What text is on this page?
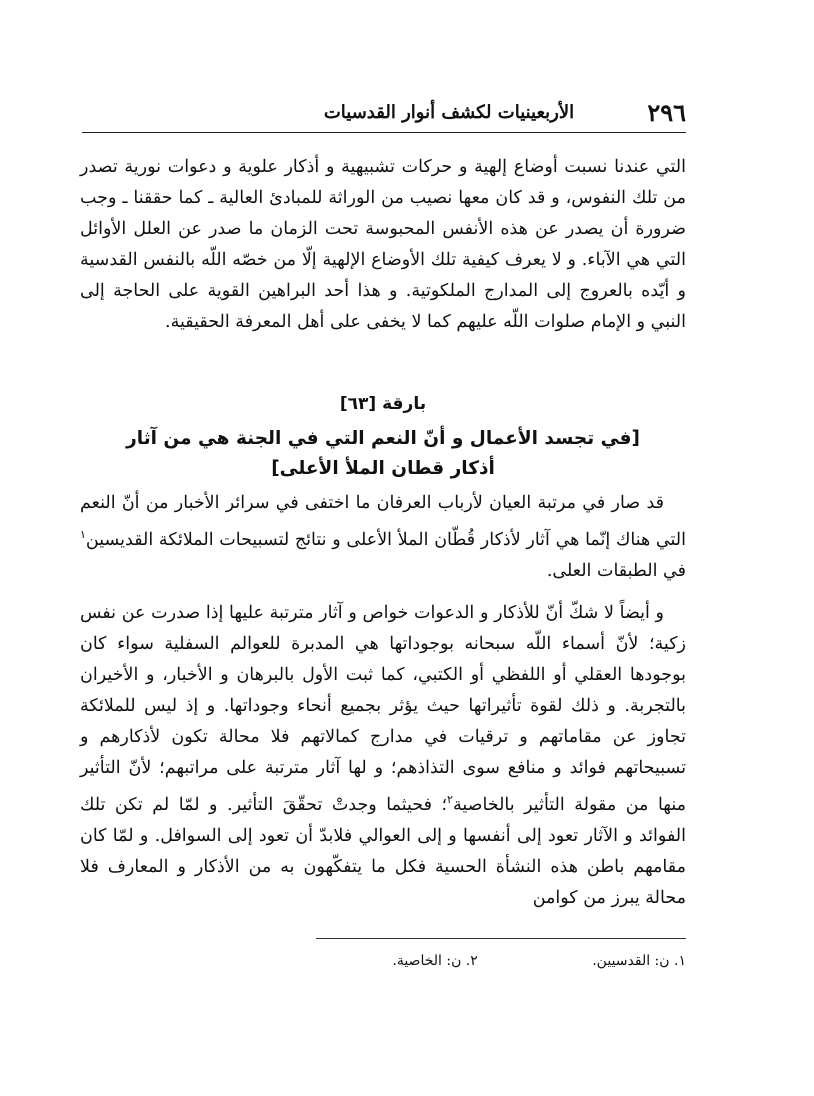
٢٩٦
الأربعينيات لكشف أنوار القدسيات

التي عندنا نسبت أوضاع إلهية و حركات تشبيهية و أذكار علوية و دعوات نورية تصدر من تلك النفوس، و قد كان معها نصيب من الوراثة للمبادئ العالية ـ كما حققنا ـ وجب ضرورة أن يصدر عن هذه الأنفس المحبوسة تحت الزمان ما صدر عن العلل الأوائل التي هي الآباء. و لا يعرف كيفية تلك الأوضاع الإلهية إلّا من خصّه اللّه بالنفس القدسية و أيّده بالعروج إلى المدارج الملكوتية. و هذا أحد البراهين القوية على الحاجة إلى النبي و الإمام صلوات اللّه عليهم كما لا يخفى على أهل المعرفة الحقيقية.

بارقة [٦٣]
[في تجسد الأعمال و أنّ النعم التي في الجنة هي من آثار
أذكار قطان الملأ الأعلى]

قد صار في مرتبة العيان لأرباب العرفان ما اختفى في سرائر الأخبار من أنّ النعم التي هناك إنّما هي آثار لأذكار قُطّان الملأ الأعلى و نتائج لتسبيحات الملائكة القديسين$^١$ في الطبقات العلى.

و أيضاً لا شكّ أنّ للأذكار و الدعوات خواص و آثار مترتبة عليها إذا صدرت عن نفس زكية؛ لأنّ أسماء اللّه سبحانه بوجوداتها هي المدبرة للعوالم السفلية سواء كان بوجودها العقلي أو اللفظي أو الكتبي، كما ثبت الأول بالبرهان و الأخبار، و الأخيران بالتجربة. و ذلك لقوة تأثيراتها حيث يؤثر بجميع أنحاء وجوداتها. و إذ ليس للملائكة تجاوز عن مقاماتهم و ترقيات في مدارج كمالاتهم فلا محالة تكون لأذكارهم و تسبيحاتهم فوائد و منافع سوى التذاذهم؛ و لها آثار مترتبة على مراتبهم؛ لأنّ التأثير منها من مقولة التأثير بالخاصية$^٢$؛ فحيثما وجدتْ تحقّقَ التأثير. و لمّا لم تكن تلك الفوائد و الآثار تعود إلى أنفسها و إلى العوالي فلابدّ أن تعود إلى السوافل. و لمّا كان مقامهم باطن هذه النشأة الحسية فكل ما يتفكّهون به من الأذكار و المعارف فلا محالة يبرز من كوامن

١. ن: القدسيين. ٢. ن: الخاصية.
